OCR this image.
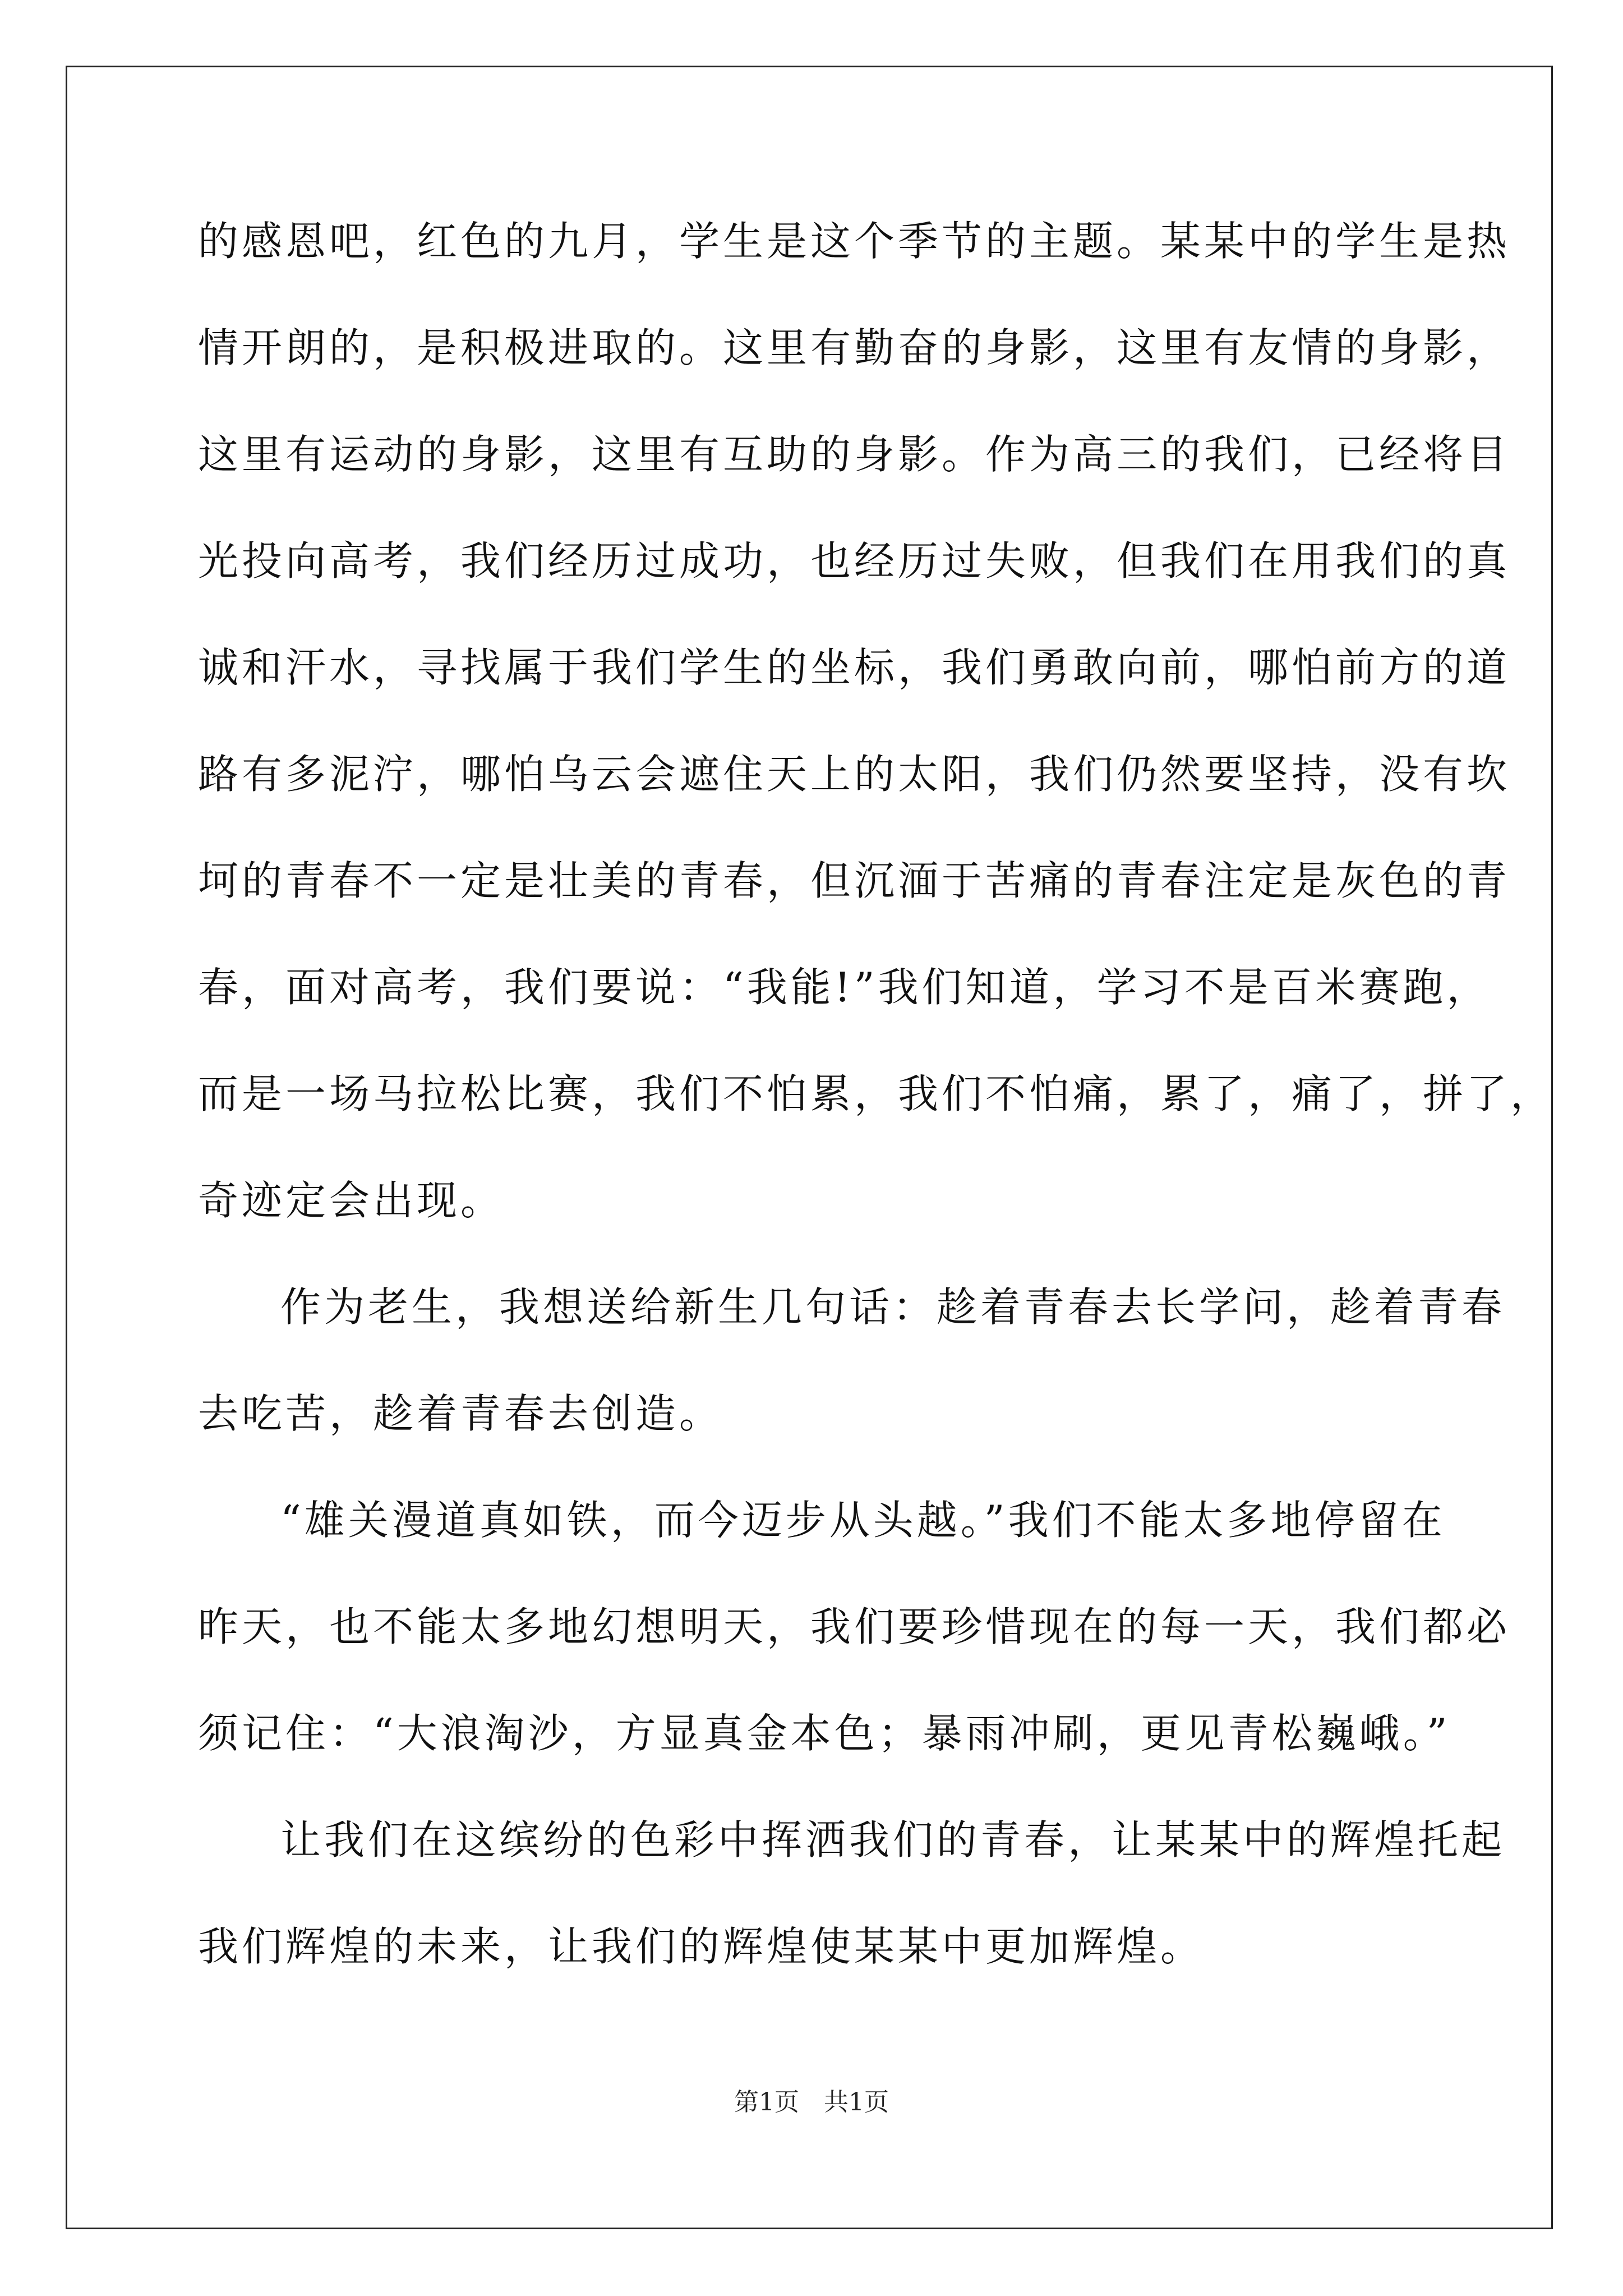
的感恩吧，红色的九月，学生是这个季节的主题。某某中的学生是热
情开朗的，是积极进取的。这里有勤奋的身影，这里有友情的身影，
这里有运动的身影，这里有互助的身影。作为高三的我们，已经将目
光投向高考，我们经历过成功，也经历过失败，但我们在用我们的真
诚和汗水，寻找属于我们学生的坐标，我们勇敢向前，哪怕前方的道
路有多泥泞，哪怕乌云会遮住天上的太阳，我们仍然要坚持，没有坎
坷的青春不一定是壮美的青春，但沉湎于苦痛的青春注定是灰色的青
春，面对高考，我们要说：“我能!”我们知道，学习不是百米赛跑，
而是一场马拉松比赛，我们不怕累，我们不怕痛，累了，痛了，拼了，
奇迹定会出现。
作为老生，我想送给新生几句话：趁着青春去长学问，趁着青春
去吃苦，趁着青春去创造。
“雄关漫道真如铁，而今迈步从头越。”我们不能太多地停留在
昨天，也不能太多地幻想明天，我们要珍惜现在的每一天，我们都必
须记住：“大浪淘沙，方显真金本色；暴雨冲刷，更见青松巍峨。”
让我们在这缤纷的色彩中挥洒我们的青春，让某某中的辉煌托起
我们辉煌的未来，让我们的辉煌使某某中更加辉煌。
第1页　共1页
